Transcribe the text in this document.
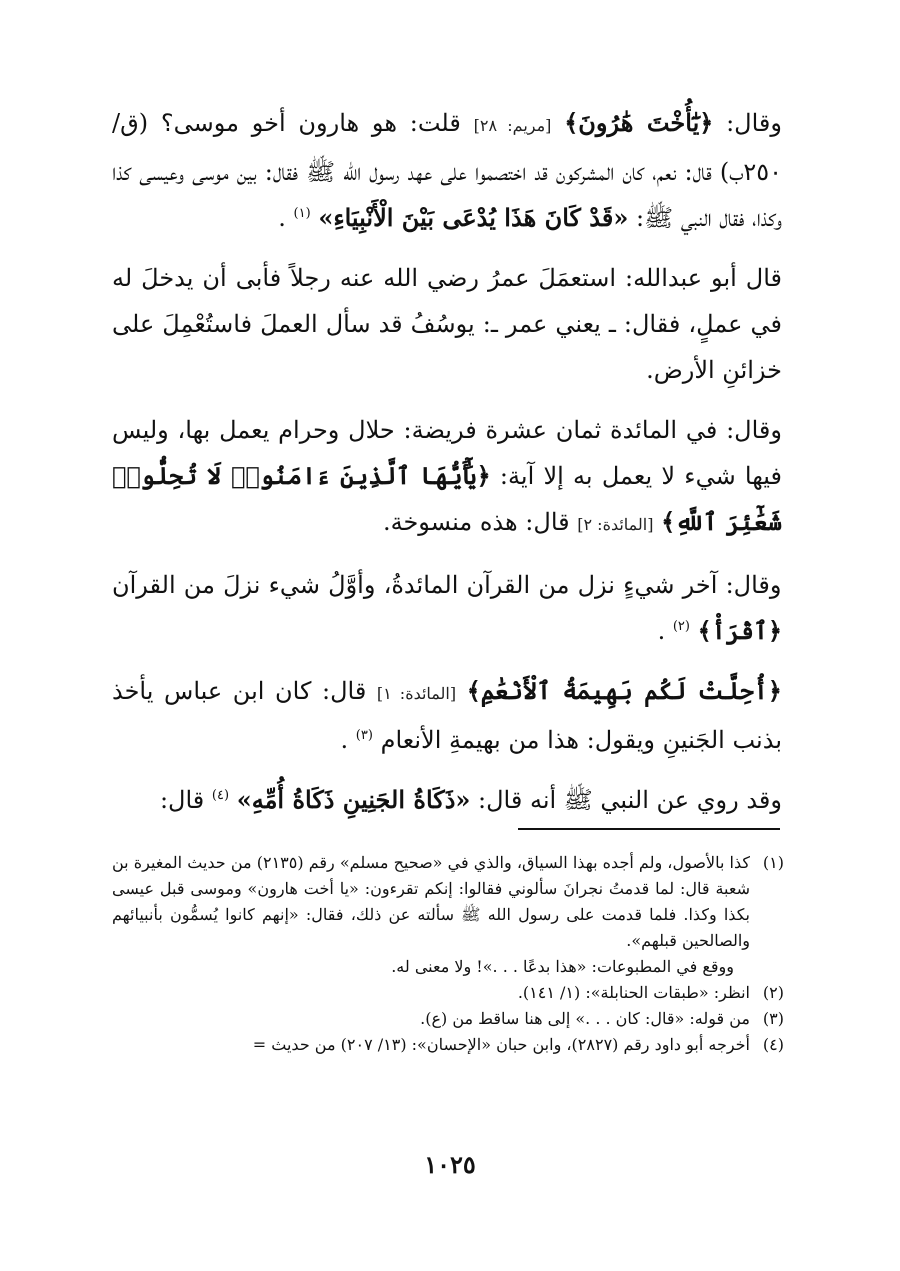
وقال: ﴿يَٰٓأُخْتَ هَٰرُونَ﴾ [مريم: ٢٨] قلت: هو هارون أخو موسى؟ (ق/ ٢٥٠ب) قال: نعم، كان المشركون قد اختصموا على عهد رسول الله ﷺ فقال: بين موسى وعيسى كذا وكذا، فقال النبي ﷺ: «قَدْ كَانَ هَذَا يُدْعَى بَيْنَ الْأَنْبِيَاءِ» $^{(١)}$ .
قال أبو عبدالله: استعمَلَ عمرُ رضي الله عنه رجلاً فأبى أن يدخلَ له في عملٍ، فقال: ـ يعني عمر ـ: يوسُفُ قد سأل العملَ فاستُعْمِلَ على خزائنِ الأرض.
وقال: في المائدة ثمان عشرة فريضة: حلال وحرام يعمل بها، وليس فيها شيء لا يعمل به إلا آية: ﴿يَٰٓأَيُّهَا ٱلَّذِينَ ءَامَنُوا۟ لَا تُحِلُّوا۟ شَعَٰٓئِرَ ٱللَّهِ﴾ [المائدة: ٢] قال: هذه منسوخة.
وقال: آخر شيءٍ نزل من القرآن المائدةُ، وأوَّلُ شيء نزلَ من القرآن ﴿ٱقْرَأْ﴾ $^{(٢)}$ .
﴿أُحِلَّتْ لَكُم بَهِيمَةُ ٱلْأَنْعَٰمِ﴾ [المائدة: ١] قال: كان ابن عباس يأخذ بذنب الجَنينِ ويقول: هذا من بهيمةِ الأنعام $^{(٣)}$ .
وقد روي عن النبي ﷺ أنه قال: «ذَكَاةُ الجَنِينِ ذَكَاةُ أُمِّهِ» $^{(٤)}$ قال:
(١)
كذا بالأصول، ولم أجده بهذا السياق، والذي في «صحيح مسلم» رقم (٢١٣٥) من حديث المغيرة بن شعبة قال: لما قدمتُ نجرانَ سألوني فقالوا: إنكم تقرءون: «يا أخت هارون» وموسى قبل عيسى بكذا وكذا. فلما قدمت على رسول الله ﷺ سألته عن ذلك، فقال: «إنهم كانوا يُسمُّون بأنبيائهم والصالحين قبلهم».
ووقع في المطبوعات: «هذا بدعًا . . .»! ولا معنى له.
(٢)
انظر: «طبقات الحنابلة»: (١/ ١٤١).
(٣)
من قوله: «قال: كان . . .» إلى هنا ساقط من (ع).
(٤)
أخرجه أبو داود رقم (٢٨٢٧)، وابن حبان «الإحسان»: (١٣/ ٢٠٧) من حديث =
١٠٢٥
